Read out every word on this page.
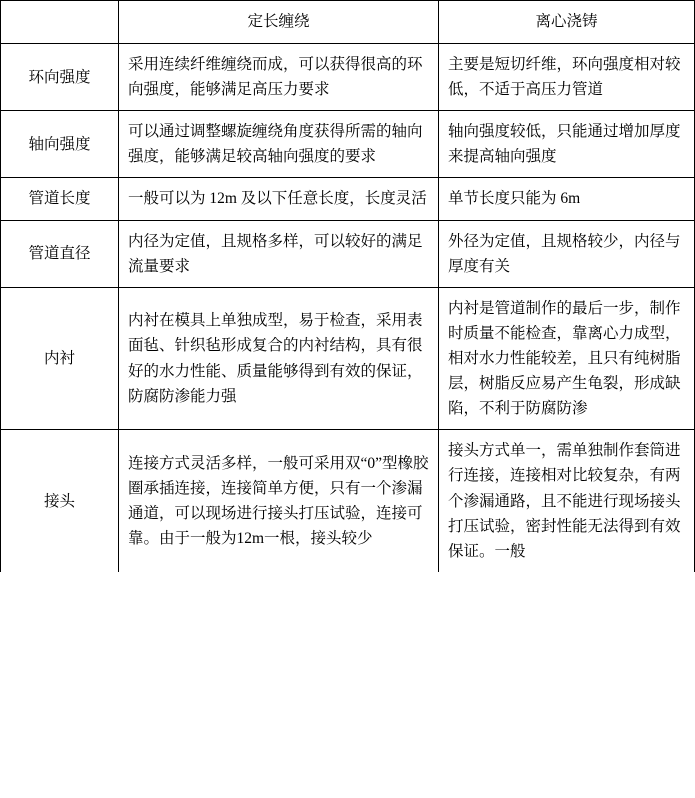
	定长缠绕	离心浇铸
环向强度	采用连续纤维缠绕而成，可以获得很高的环向强度，能够满足高压力要求	主要是短切纤维，环向强度相对较低，不适于高压力管道
轴向强度	可以通过调整螺旋缠绕角度获得所需的轴向强度，能够满足较高轴向强度的要求	轴向强度较低，只能通过增加厚度来提高轴向强度
管道长度	一般可以为 12m 及以下任意长度，长度灵活	单节长度只能为 6m
管道直径	内径为定值，且规格多样，可以较好的满足流量要求	外径为定值，且规格较少，内径与厚度有关
内衬	内衬在模具上单独成型，易于检查，采用表面毡、针织毡形成复合的内衬结构，具有很好的水力性能、质量能够得到有效的保证，防腐防渗能力强	内衬是管道制作的最后一步，制作时质量不能检查，靠离心力成型，相对水力性能较差，且只有纯树脂层，树脂反应易产生龟裂，形成缺陷，不利于防腐防渗
接头	连接方式灵活多样，一般可采用双“0”型橡胶圈承插连接，连接简单方便，只有一个渗漏通道，可以现场进行接头打压试验，连接可靠。由于一般为12m一根，接头较少	接头方式单一，需单独制作套筒进行连接，连接相对比较复杂，有两个渗漏通路，且不能进行现场接头打压试验，密封性能无法得到有效保证。一般
